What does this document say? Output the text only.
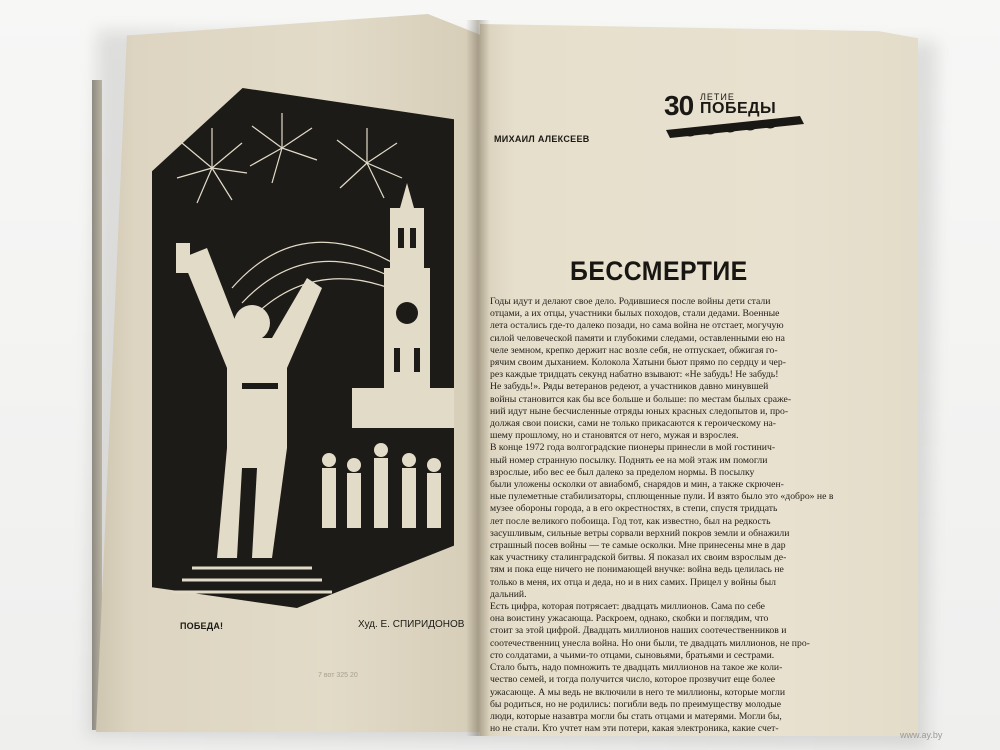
ПОБЕДА!	Худ. Е. СПИРИДОНОВ
7 вот 325 20
30 ЛЕТИЕ
ПОБЕДЫ
МИХАИЛ АЛЕКСЕЕВ
БЕССМЕРТИЕ
Годы идут и делают свое дело. Родившиеся после войны дети стали
отцами, а их отцы, участники былых походов, стали дедами. Военные
лета остались где-то далеко позади, но сама война не отстает, могучую
силой человеческой памяти и глубокими следами, оставленными ею на
челе земном, крепко держит нас возле себя, не отпускает, обжигая го-
рячим своим дыханием. Колокола Хатыни бьют прямо по сердцу и чер-
рез каждые тридцать секунд набатно взывают: «Не забудь! Не забудь!
Не забудь!». Ряды ветеранов редеют, а участников давно минувшей
войны становится как бы все больше и больше: по местам былых сраже-
ний идут ныне бесчисленные отряды юных красных следопытов и, про-
должая свои поиски, сами не только прикасаются к героическому на-
шему прошлому, но и становятся от него, мужая и взрослея.
В конце 1972 года волгоградские пионеры принесли в мой гостинич-
ный номер странную посылку. Поднять ее на мой этаж им помогли
взрослые, ибо вес ее был далеко за пределом нормы. В посылку
были уложены осколки от авиабомб, снарядов и мин, а также скрючен-
ные пулеметные стабилизаторы, сплющенные пули. И взято было это «добро» не в
музее обороны города, а в его окрестностях, в степи, спустя тридцать
лет после великого побоища. Год тот, как известно, был на редкость
засушливым, сильные ветры сорвали верхний покров земли и обнажили
страшный посев войны — те самые осколки. Мне принесены мне в дар
как участнику сталинградской битвы. Я показал их своим взрослым де-
тям и пока еще ничего не понимающей внучке: война ведь целилась не
только в меня, их отца и деда, но и в них самих. Прицел у войны был
дальний.
Есть цифра, которая потрясает: двадцать миллионов. Сама по себе
она воистину ужасающа. Раскроем, однако, скобки и поглядим, что
стоит за этой цифрой. Двадцать миллионов наших соотечественников и
соотечественниц унесла война. Но они были, те двадцать миллионов, не про-
сто солдатами, а чьими-то отцами, сыновьями, братьями и сестрами.
Стало быть, надо помножить те двадцать миллионов на такое же коли-
чество семей, и тогда получится число, которое прозвучит еще более
ужасающе. А мы ведь не включили в него те миллионы, которые могли
бы родиться, но не родились: погибли ведь по преимуществу молодые
люди, которые назавтра могли бы стать отцами и матерями. Могли бы,
но не стали. Кто учтет нам эти потери, какая электроника, какие счет-
www.ay.by
